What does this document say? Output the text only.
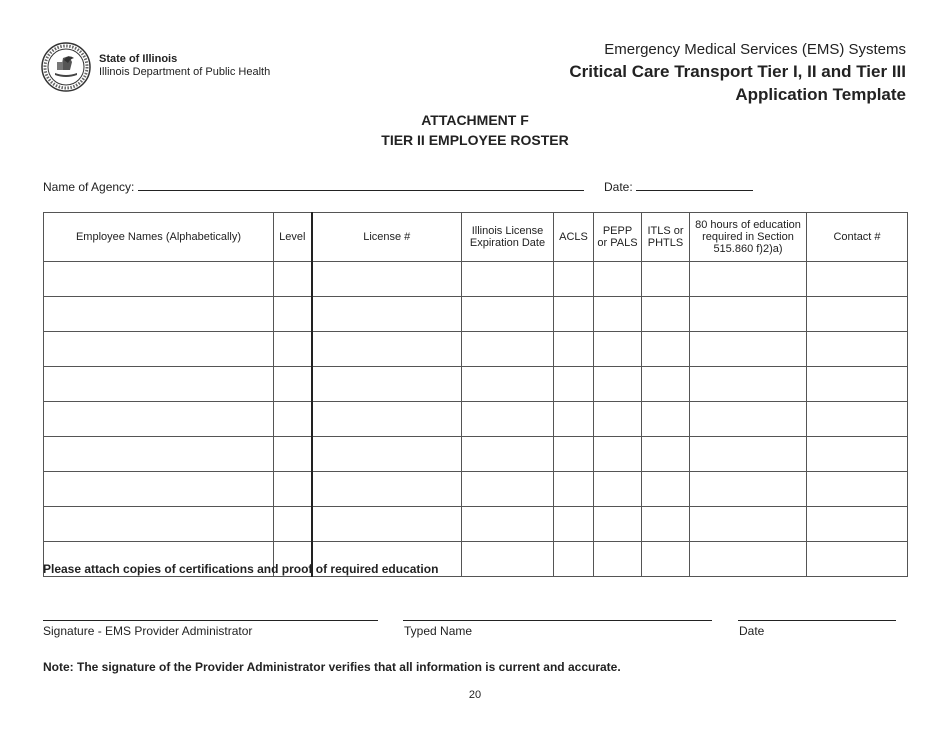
State of Illinois
Illinois Department of Public Health
Emergency Medical Services (EMS) Systems
Critical Care Transport Tier I, II and Tier III
Application Template
ATTACHMENT F
TIER II EMPLOYEE ROSTER
Name of Agency:	Date:
Employee Names (Alphabetically)	Level	License #	Illinois License Expiration Date	ACLS	PEPP or PALS	ITLS or PHTLS	80 hours of education required in Section 515.860 f)2)a)	Contact #

Please attach copies of certifications and proof of required education
Signature - EMS Provider Administrator	Typed Name	Date
Note: The signature of the Provider Administrator verifies that all information is current and accurate.
20
